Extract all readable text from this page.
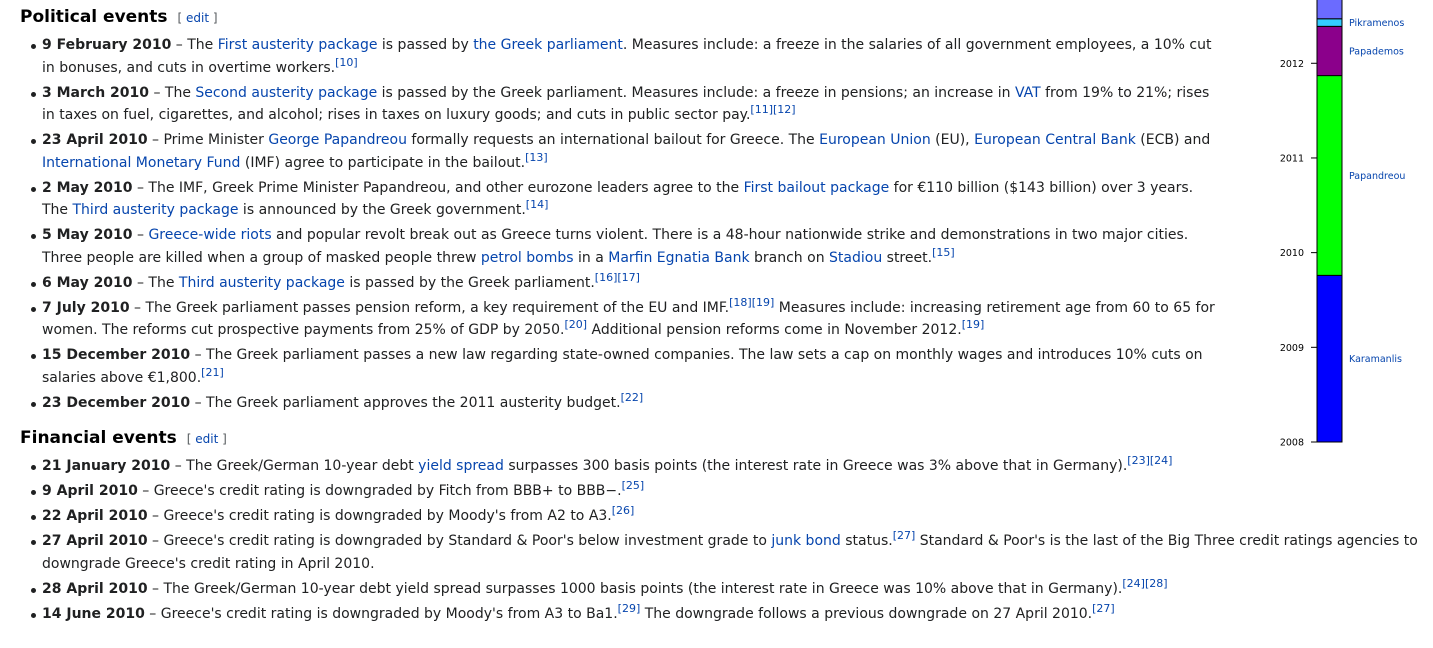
Political events [ edit ]
9 February 2010 – The First austerity package is passed by the Greek parliament. Measures include: a freeze in the salaries of all government employees, a 10% cut in bonuses, and cuts in overtime workers.[10]
3 March 2010 – The Second austerity package is passed by the Greek parliament. Measures include: a freeze in pensions; an increase in VAT from 19% to 21%; rises in taxes on fuel, cigarettes, and alcohol; rises in taxes on luxury goods; and cuts in public sector pay.[11][12]
23 April 2010 – Prime Minister George Papandreou formally requests an international bailout for Greece. The European Union (EU), European Central Bank (ECB) and International Monetary Fund (IMF) agree to participate in the bailout.[13]
2 May 2010 – The IMF, Greek Prime Minister Papandreou, and other eurozone leaders agree to the First bailout package for €110 billion ($143 billion) over 3 years. The Third austerity package is announced by the Greek government.[14]
5 May 2010 – Greece-wide riots and popular revolt break out as Greece turns violent. There is a 48-hour nationwide strike and demonstrations in two major cities. Three people are killed when a group of masked people threw petrol bombs in a Marfin Egnatia Bank branch on Stadiou street.[15]
6 May 2010 – The Third austerity package is passed by the Greek parliament.[16][17]
7 July 2010 – The Greek parliament passes pension reform, a key requirement of the EU and IMF.[18][19] Measures include: increasing retirement age from 60 to 65 for women. The reforms cut prospective payments from 25% of GDP by 2050.[20] Additional pension reforms come in November 2012.[19]
15 December 2010 – The Greek parliament passes a new law regarding state-owned companies. The law sets a cap on monthly wages and introduces 10% cuts on salaries above €1,800.[21]
23 December 2010 – The Greek parliament approves the 2011 austerity budget.[22]
Financial events [ edit ]
21 January 2010 – The Greek/German 10-year debt yield spread surpasses 300 basis points (the interest rate in Greece was 3% above that in Germany).[23][24]
9 April 2010 – Greece's credit rating is downgraded by Fitch from BBB+ to BBB−.[25]
22 April 2010 – Greece's credit rating is downgraded by Moody's from A2 to A3.[26]
27 April 2010 – Greece's credit rating is downgraded by Standard & Poor's below investment grade to junk bond status.[27] Standard & Poor's is the last of the Big Three credit ratings agencies to
downgrade Greece's credit rating in April 2010.
28 April 2010 – The Greek/German 10-year debt yield spread surpasses 1000 basis points (the interest rate in Greece was 10% above that in Germany).[24][28]
14 June 2010 – Greece's credit rating is downgraded by Moody's from A3 to Ba1.[29] The downgrade follows a previous downgrade on 27 April 2010.[27]
Karamanlis
Papandreou
Papademos
Pikramenos
2008
2009
2010
2011
2012
